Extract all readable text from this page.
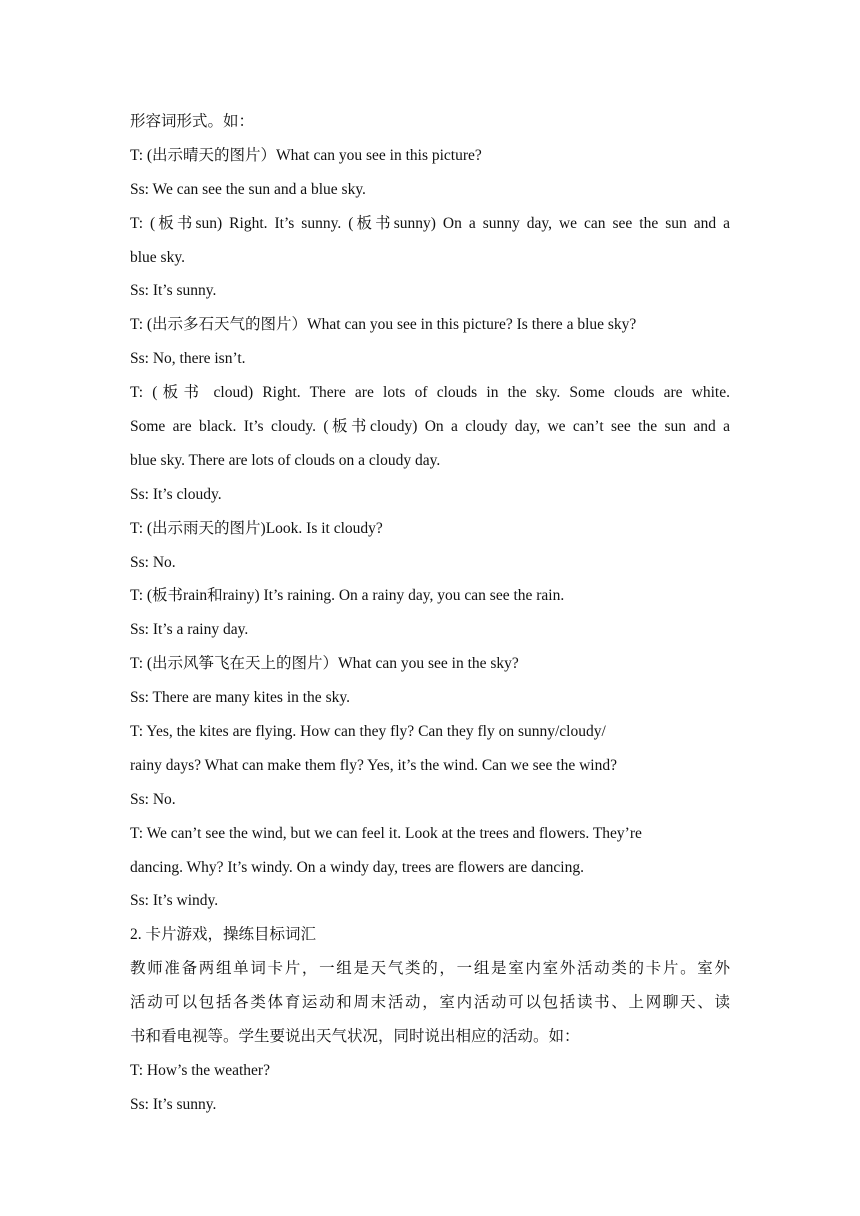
形容词形式。如：
T: (出示晴天的图片）What can you see in this picture?
Ss: We can see the sun and a blue sky.
T: (板书sun) Right. It’s sunny. (板书sunny) On a sunny day, we can see the sun and a
blue sky.
Ss: It’s sunny.
T: (出示多石天气的图片）What can you see in this picture? Is there a blue sky?
Ss: No, there isn’t.
T: (板书 cloud) Right. There are lots of clouds in the sky. Some clouds are white.
Some are black. It’s cloudy. (板书cloudy) On a cloudy day, we can’t see the sun and a
blue sky. There are lots of clouds on a cloudy day.
Ss: It’s cloudy.
T: (出示雨天的图片)Look. Is it cloudy?
Ss: No.
T: (板书rain和rainy) It’s raining. On a rainy day, you can see the rain.
Ss: It’s a rainy day.
T: (出示风筝飞在天上的图片）What can you see in the sky?
Ss: There are many kites in the sky.
T: Yes, the kites are flying. How can they fly? Can they fly on sunny/cloudy/
rainy days? What can make them fly? Yes, it’s the wind. Can we see the wind?
Ss: No.
T: We can’t see the wind, but we can feel it. Look at the trees and flowers. They’re
dancing. Why? It’s windy. On a windy day, trees are flowers are dancing.
Ss: It’s windy.
2. 卡片游戏，操练目标词汇
教师准备两组单词卡片，一组是天气类的，一组是室内室外活动类的卡片。室外
活动可以包括各类体育运动和周末活动，室内活动可以包括读书、上网聊天、读
书和看电视等。学生要说出天气状况，同时说出相应的活动。如：
T: How’s the weather?
Ss: It’s sunny.
